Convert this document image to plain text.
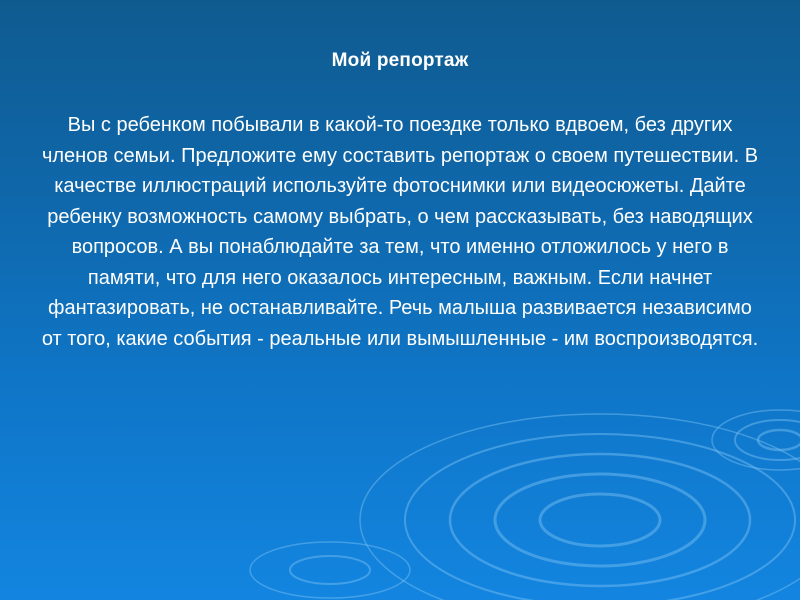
Мой репортаж
Вы с ребенком побывали в какой-то поездке только вдвоем, без других членов семьи. Предложите ему составить репортаж о своем путешествии. В качестве иллюстраций используйте фотоснимки или видеосюжеты. Дайте ребенку возможность самому выбрать, о чем рассказывать, без наводящих вопросов. А вы понаблюдайте за тем, что именно отложилось у него в памяти, что для него оказалось интересным, важным. Если начнет фантазировать, не останавливайте. Речь малыша развивается независимо от того, какие события - реальные или вымышленные - им воспроизводятся.
